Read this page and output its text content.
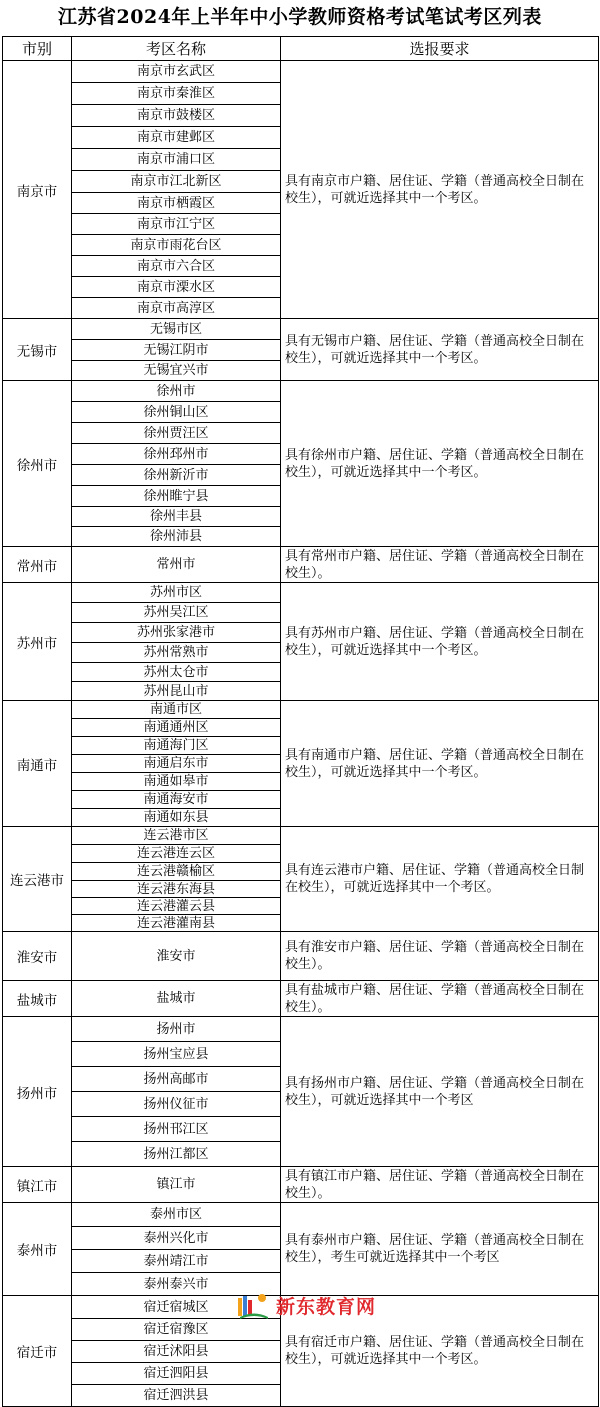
江苏省2024年上半年中小学教师资格考试笔试考区列表
市别	考区名称	选报要求
南京市	南京市玄武区	具有南京市户籍、居住证、学籍（普通高校全日制在校生），可就近选择其中一个考区。
	南京市秦淮区	
	南京市鼓楼区	
	南京市建邺区	
	南京市浦口区	
	南京市江北新区	
	南京市栖霞区	
	南京市江宁区	
	南京市雨花台区	
	南京市六合区	
	南京市溧水区	
	南京市高淳区	
无锡市	无锡市区	具有无锡市户籍、居住证、学籍（普通高校全日制在校生），可就近选择其中一个考区。
	无锡江阴市	
	无锡宜兴市	
徐州市	徐州市	具有徐州市户籍、居住证、学籍（普通高校全日制在校生），可就近选择其中一个考区。
	徐州铜山区	
	徐州贾汪区	
	徐州邳州市	
	徐州新沂市	
	徐州睢宁县	
	徐州丰县	
	徐州沛县	
常州市	常州市	具有常州市户籍、居住证、学籍（普通高校全日制在校生）。
苏州市	苏州市区	具有苏州市户籍、居住证、学籍（普通高校全日制在校生），可就近选择其中一个考区。
	苏州吴江区	
	苏州张家港市	
	苏州常熟市	
	苏州太仓市	
	苏州昆山市	
南通市	南通市区	具有南通市户籍、居住证、学籍（普通高校全日制在校生），可就近选择其中一个考区。
	南通通州区	
	南通海门区	
	南通启东市	
	南通如皋市	
	南通海安市	
	南通如东县	
连云港市	连云港市区	具有连云港市户籍、居住证、学籍（普通高校全日制在校生），可就近选择其中一个考区。
	连云港连云区	
	连云港赣榆区	
	连云港东海县	
	连云港灌云县	
	连云港灌南县	
淮安市	淮安市	具有淮安市户籍、居住证、学籍（普通高校全日制在校生）。
盐城市	盐城市	具有盐城市户籍、居住证、学籍（普通高校全日制在校生）。
扬州市	扬州市	具有扬州市户籍、居住证、学籍（普通高校全日制在校生），可就近选择其中一个考区
	扬州宝应县	
	扬州高邮市	
	扬州仪征市	
	扬州邗江区	
	扬州江都区	
镇江市	镇江市	具有镇江市户籍、居住证、学籍（普通高校全日制在校生）。
泰州市	泰州市区	具有泰州市户籍、居住证、学籍（普通高校全日制在校生），考生可就近选择其中一个考区
	泰州兴化市	
	泰州靖江市	
	泰州泰兴市	
宿迁市	宿迁宿城区	具有宿迁市户籍、居住证、学籍（普通高校全日制在校生），可就近选择其中一个考区。
	宿迁宿豫区	
	宿迁沭阳县	
	宿迁泗阳县	
	宿迁泗洪县	
新东教育网
